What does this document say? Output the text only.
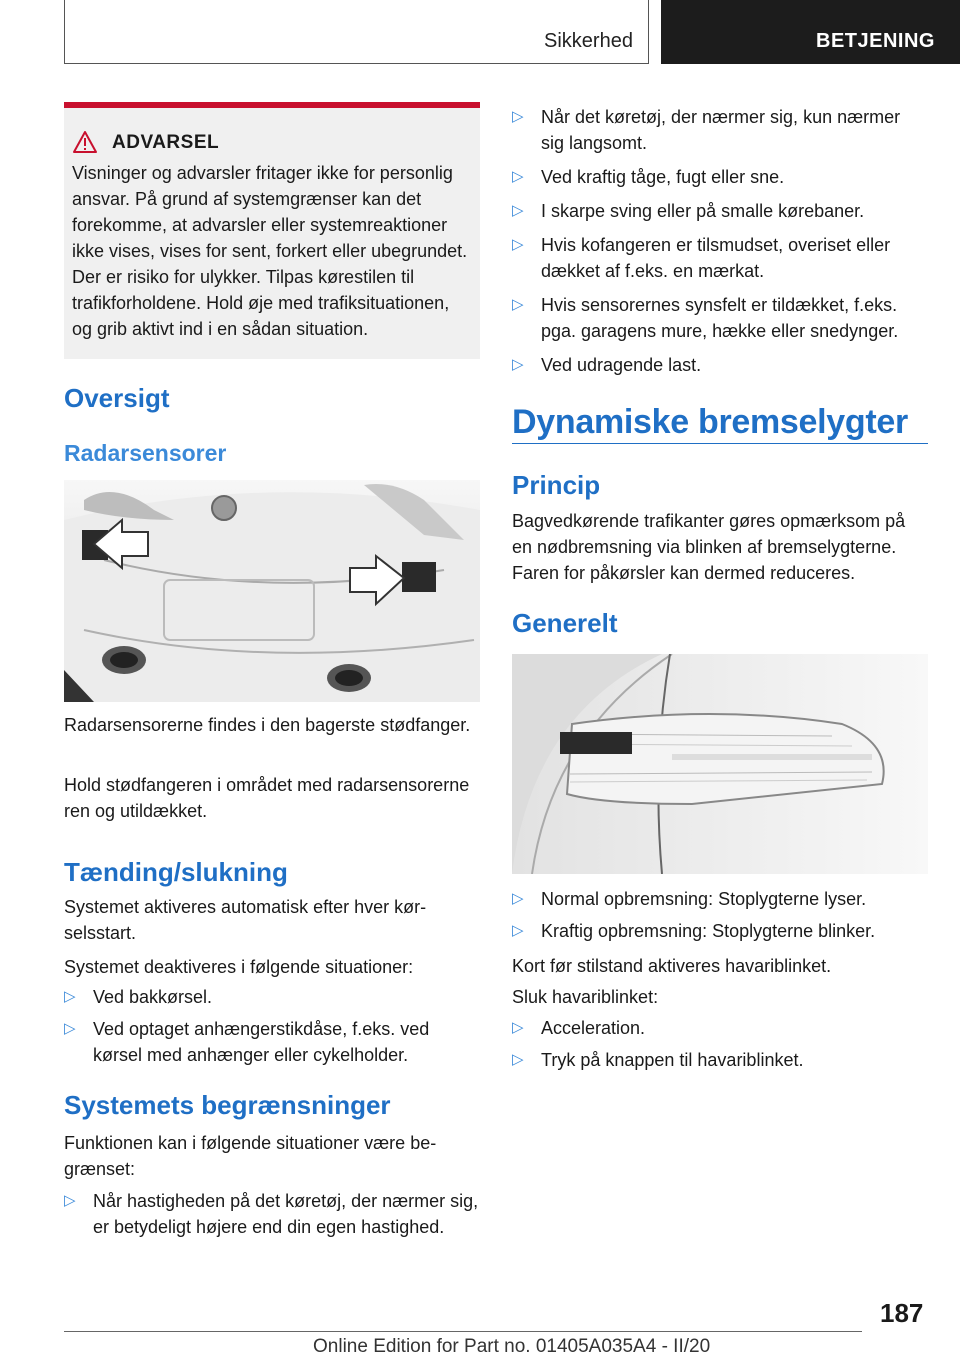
Sikkerhed	BETJENING
ADVARSEL
Visninger og advarsler fritager ikke for personlig ansvar. På grund af systemgrænser kan det forekomme, at advarsler eller systemreaktioner ikke vises, vises for sent, forkert eller ubegrundet. Der er risiko for ulykker. Tilpas kørestilen til trafikforholdene. Hold øje med trafiksituationen, og grib aktivt ind i en sådan situation.
Oversigt
Radarsensorer

Radarsensorerne findes i den bagerste stødfanger.

Hold stødfangeren i området med radarsensorerne ren og utildækket.

Tænding/slukning

Systemet aktiveres automatisk efter hver kørselsstart.

Systemet deaktiveres i følgende situationer:

▷ Ved bakkørsel.
▷ Ved optaget anhængerstikdåse, f.eks. ved kørsel med anhænger eller cykelholder.
Systemets begrænsninger

Funktionen kan i følgende situationer være begrænset:

▷ Når hastigheden på det køretøj, der nærmer sig, er betydeligt højere end din egen hastighed.
▷ Når det køretøj, der nærmer sig, kun nærmer sig langsomt.
▷ Ved kraftig tåge, fugt eller sne.
▷ I skarpe sving eller på smalle kørebaner.
▷ Hvis kofangeren er tilsmudset, overiset eller dækket af f.eks. en mærkat.
▷ Hvis sensorernes synsfelt er tildækket, f.eks. pga. garagens mure, hække eller snedynger.
▷ Ved udragende last.
Dynamiske bremselygter
Princip

Bagvedkørende trafikanter gøres opmærksom på en nødbremsning via blinken af bremselygterne. Faren for påkørsler kan dermed reduceres.

Generelt
▷ Normal opbremsning: Stoplygterne lyser.
▷ Kraftig opbremsning: Stoplygterne blinker.

Kort før stilstand aktiveres havariblinket.

Sluk havariblinket:

▷ Acceleration.
▷ Tryk på knappen til havariblinket.
187
Online Edition for Part no. 01405A035A4 - II/20
